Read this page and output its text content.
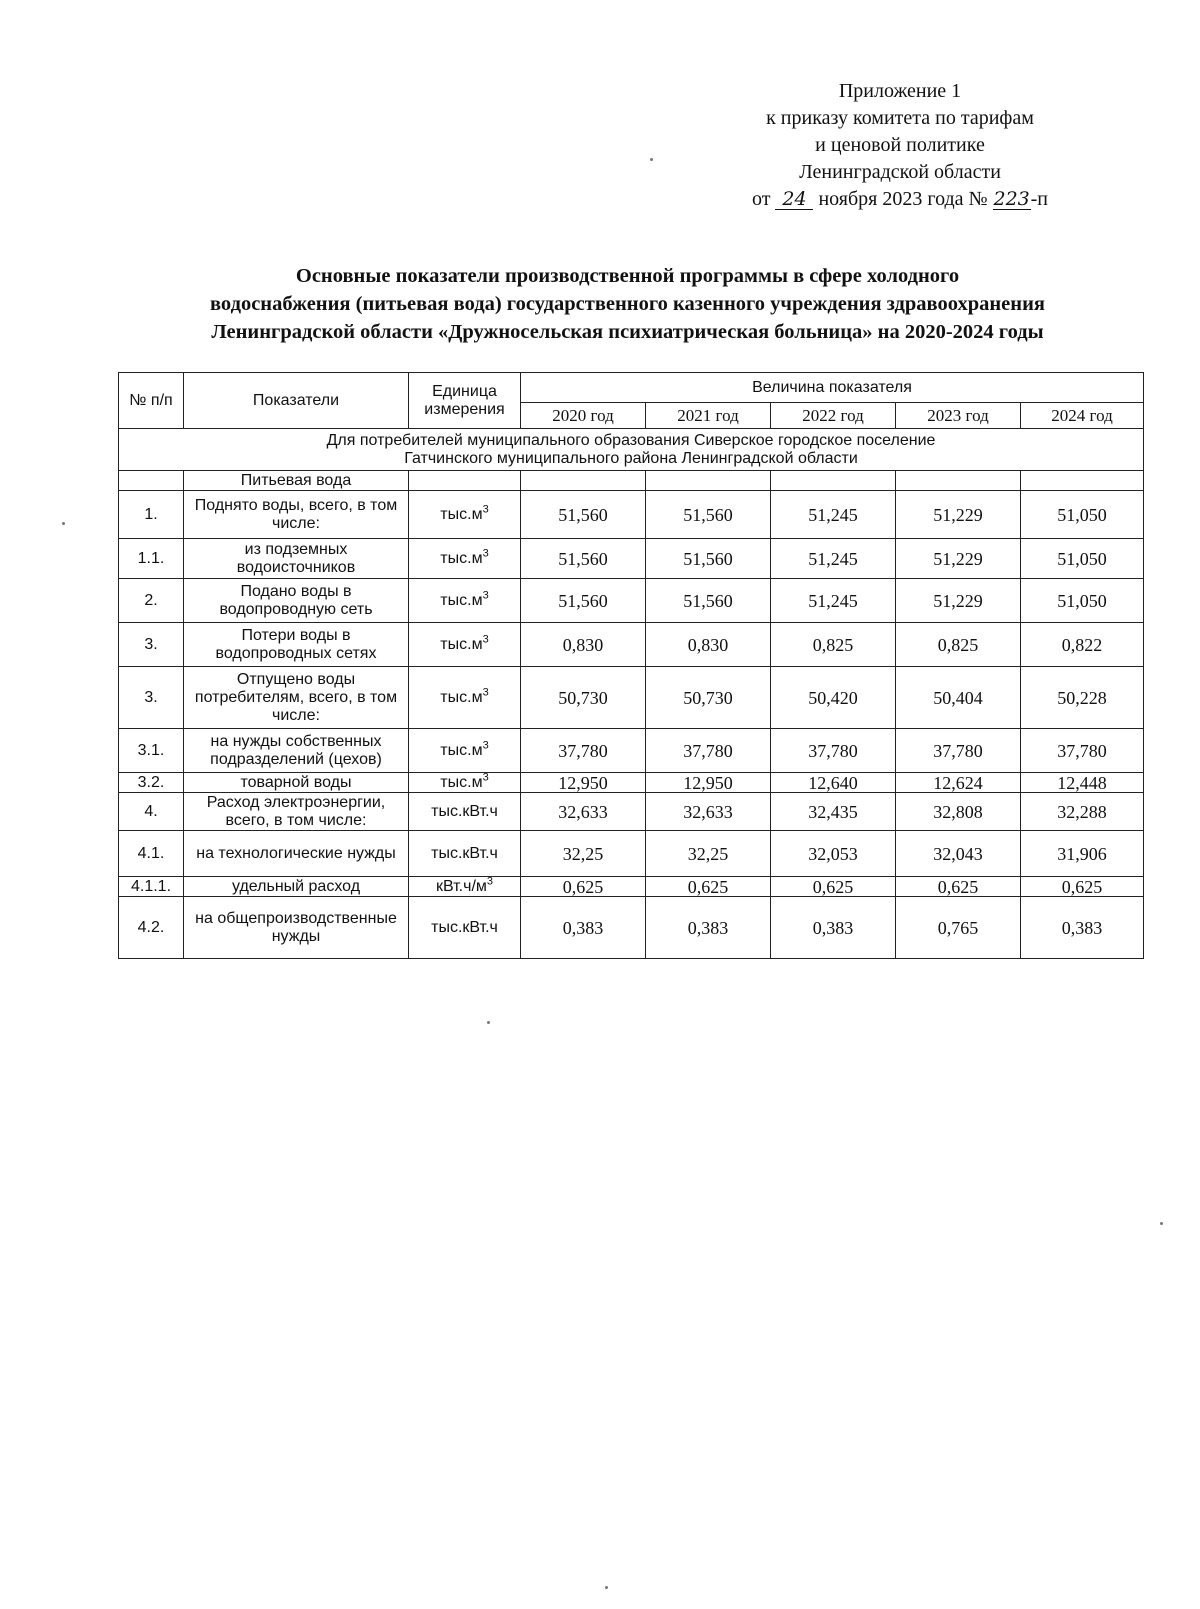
Приложение 1
к приказу комитета по тарифам
и ценовой политике
Ленинградской области
от 24 ноября 2023 года № 223-п
Основные показатели производственной программы в сфере холодного
водоснабжения (питьевая вода) государственного казенного учреждения здравоохранения
Ленинградской области «Дружносельская психиатрическая больница» на 2020-2024 годы
№ п/п	Показатели	Единица измерения	Величина показателя				
			2020 год	2021 год	2022 год	2023 год	2024 год

Для потребителей муниципального образования Сиверское городское поселение
Гатчинского муниципального района Ленинградской области							

	Питьевая вода						
1.	Поднято воды, всего, в том числе:	$тыс.м^3$	51,560	51,560	51,245	51,229	51,050
1.1.	из подземных водоисточников	$тыс.м^3$	51,560	51,560	51,245	51,229	51,050
2.	Подано воды в водопроводную сеть	$тыс.м^3$	51,560	51,560	51,245	51,229	51,050
3.	Потери воды в водопроводных сетях	$тыс.м^3$	0,830	0,830	0,825	0,825	0,822
3.	Отпущено воды потребителям, всего, в том числе:	$тыс.м^3$	50,730	50,730	50,420	50,404	50,228
3.1.	на нужды собственных подразделений (цехов)	$тыс.м^3$	37,780	37,780	37,780	37,780	37,780
3.2.	товарной воды	$тыс.м^3$	12,950	12,950	12,640	12,624	12,448
4.	Расход электроэнергии, всего, в том числе:	тыс.кВт.ч	32,633	32,633	32,435	32,808	32,288
4.1.	на технологические нужды	тыс.кВт.ч	32,25	32,25	32,053	32,043	31,906
4.1.1.	удельный расход	$кВт.ч/м^3$	0,625	0,625	0,625	0,625	0,625
4.2.	на общепроизводственные нужды	тыс.кВт.ч	0,383	0,383	0,383	0,765	0,383
